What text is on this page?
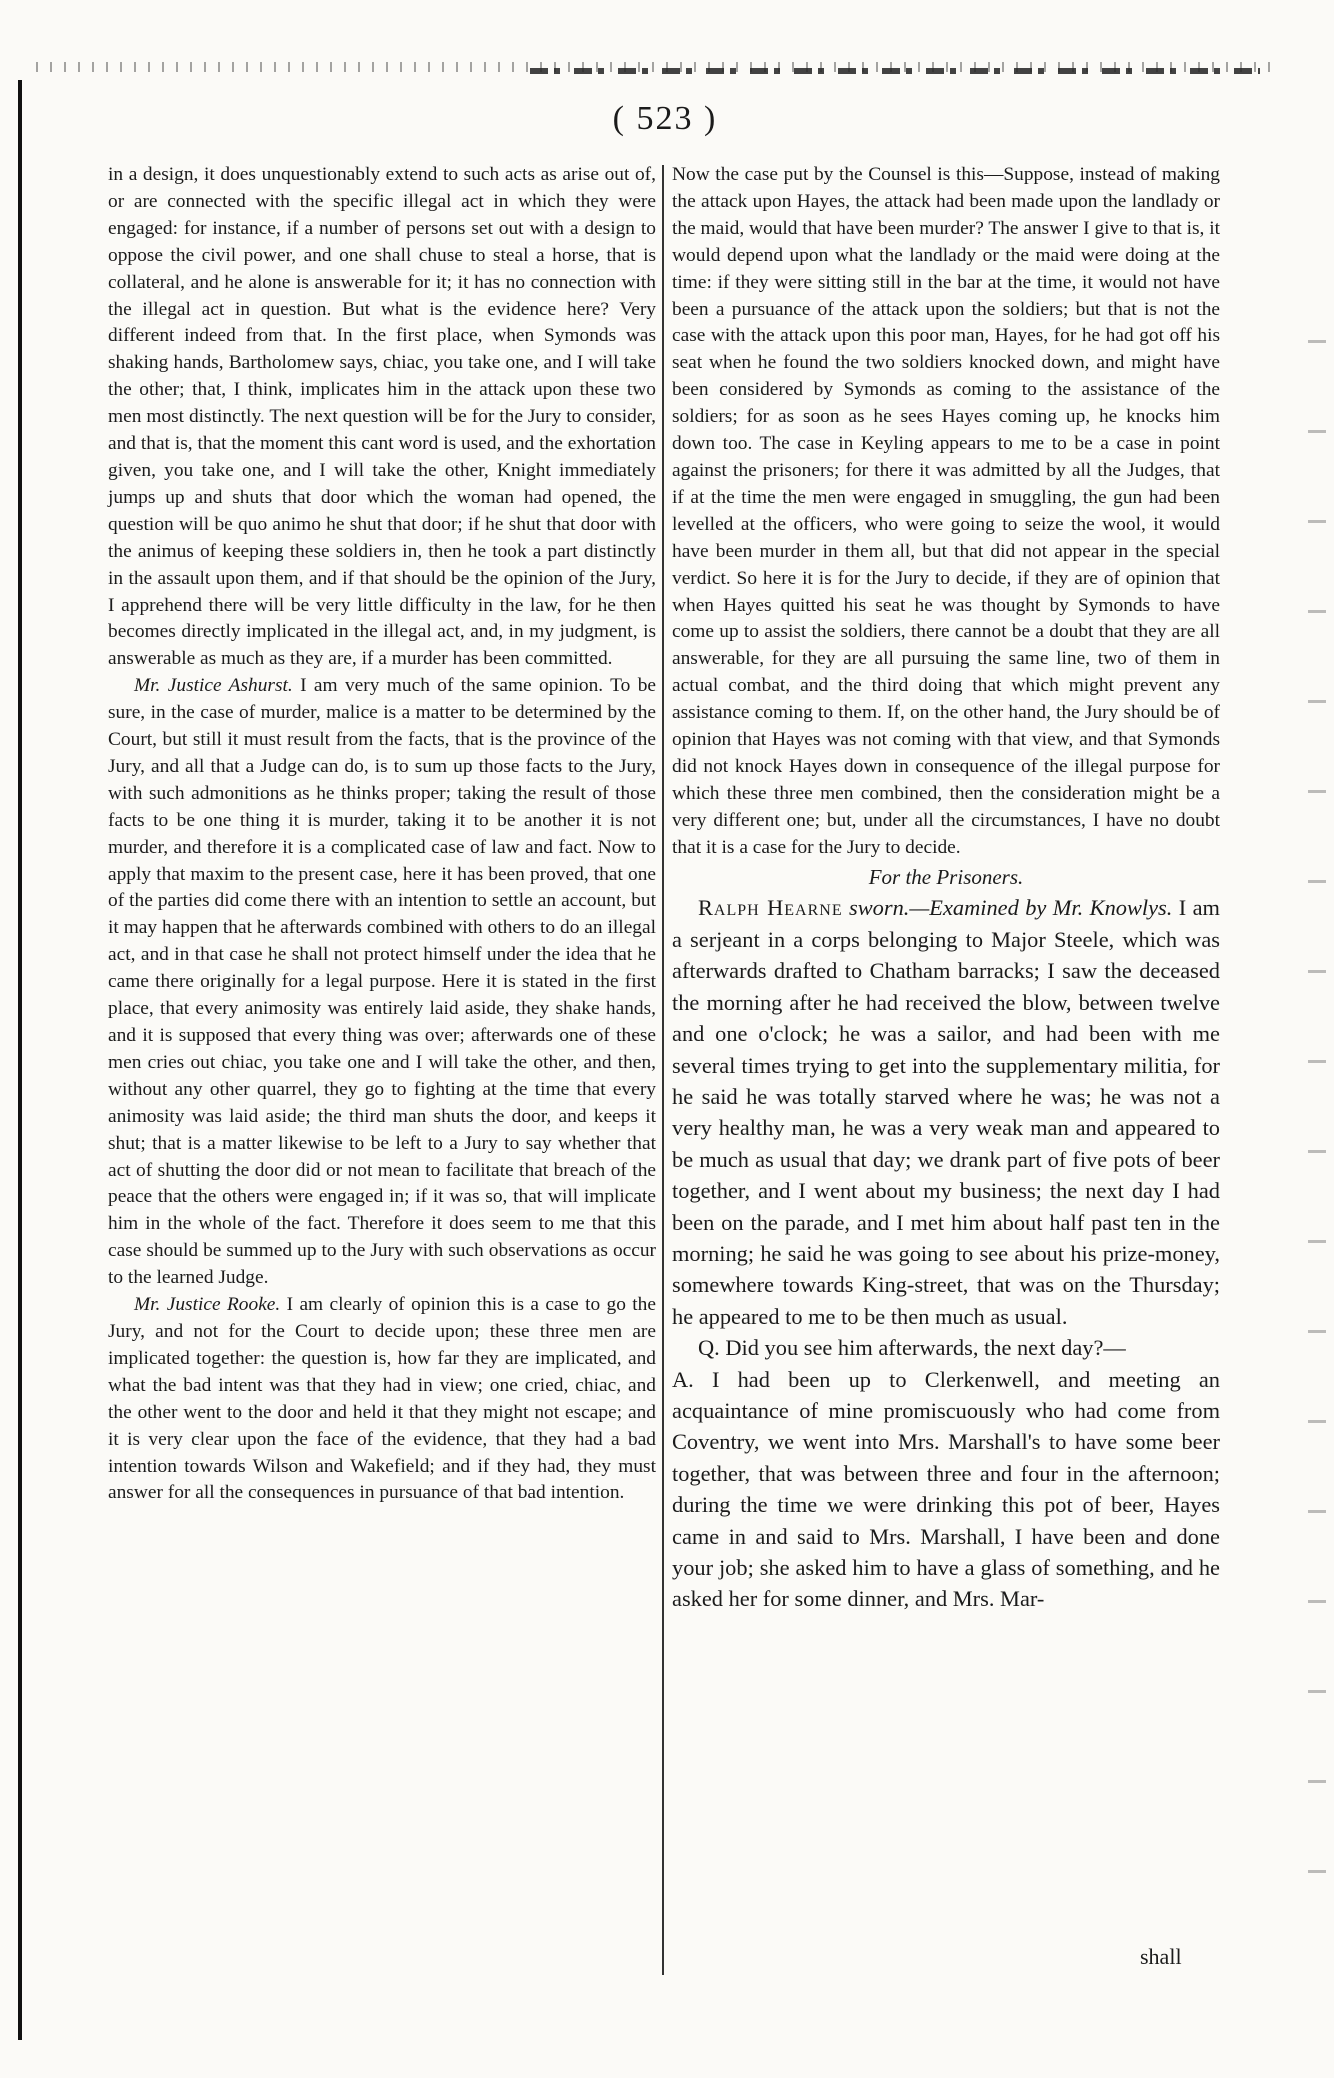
( 523 )

in a design, it does unquestionably extend to such acts as arise out of, or are connected with the specific illegal act in which they were engaged: for instance, if a number of persons set out with a design to oppose the civil power, and one shall chuse to steal a horse, that is collateral, and he alone is answerable for it; it has no connection with the illegal act in question. But what is the evidence here? Very different indeed from that. In the first place, when Symonds was shaking hands, Bartholomew says, chiac, you take one, and I will take the other; that, I think, implicates him in the attack upon these two men most distinctly. The next question will be for the Jury to consider, and that is, that the moment this cant word is used, and the exhortation given, you take one, and I will take the other, Knight immediately jumps up and shuts that door which the woman had opened, the question will be quo animo he shut that door; if he shut that door with the animus of keeping these soldiers in, then he took a part distinctly in the assault upon them, and if that should be the opinion of the Jury, I apprehend there will be very little difficulty in the law, for he then becomes directly implicated in the illegal act, and, in my judgment, is answerable as much as they are, if a murder has been committed.

Mr. Justice Ashurst. I am very much of the same opinion. To be sure, in the case of murder, malice is a matter to be determined by the Court, but still it must result from the facts, that is the province of the Jury, and all that a Judge can do, is to sum up those facts to the Jury, with such admonitions as he thinks proper; taking the result of those facts to be one thing it is murder, taking it to be another it is not murder, and therefore it is a complicated case of law and fact. Now to apply that maxim to the present case, here it has been proved, that one of the parties did come there with an intention to settle an account, but it may happen that he afterwards combined with others to do an illegal act, and in that case he shall not protect himself under the idea that he came there originally for a legal purpose. Here it is stated in the first place, that every animosity was entirely laid aside, they shake hands, and it is supposed that every thing was over; afterwards one of these men cries out chiac, you take one and I will take the other, and then, without any other quarrel, they go to fighting at the time that every animosity was laid aside; the third man shuts the door, and keeps it shut; that is a matter likewise to be left to a Jury to say whether that act of shutting the door did or not mean to facilitate that breach of the peace that the others were engaged in; if it was so, that will implicate him in the whole of the fact. Therefore it does seem to me that this case should be summed up to the Jury with such observations as occur to the learned Judge.

Mr. Justice Rooke. I am clearly of opinion this is a case to go the Jury, and not for the Court to decide upon; these three men are implicated together: the question is, how far they are implicated, and what the bad intent was that they had in view; one cried, chiac, and the other went to the door and held it that they might not escape; and it is very clear upon the face of the evidence, that they had a bad intention towards Wilson and Wakefield; and if they had, they must answer for all the consequences in pursuance of that bad intention.

Now the case put by the Counsel is this—Suppose, instead of making the attack upon Hayes, the attack had been made upon the landlady or the maid, would that have been murder? The answer I give to that is, it would depend upon what the landlady or the maid were doing at the time: if they were sitting still in the bar at the time, it would not have been a pursuance of the attack upon the soldiers; but that is not the case with the attack upon this poor man, Hayes, for he had got off his seat when he found the two soldiers knocked down, and might have been considered by Symonds as coming to the assistance of the soldiers; for as soon as he sees Hayes coming up, he knocks him down too. The case in Keyling appears to me to be a case in point against the prisoners; for there it was admitted by all the Judges, that if at the time the men were engaged in smuggling, the gun had been levelled at the officers, who were going to seize the wool, it would have been murder in them all, but that did not appear in the special verdict. So here it is for the Jury to decide, if they are of opinion that when Hayes quitted his seat he was thought by Symonds to have come up to assist the soldiers, there cannot be a doubt that they are all answerable, for they are all pursuing the same line, two of them in actual combat, and the third doing that which might prevent any assistance coming to them. If, on the other hand, the Jury should be of opinion that Hayes was not coming with that view, and that Symonds did not knock Hayes down in consequence of the illegal purpose for which these three men combined, then the consideration might be a very different one; but, under all the circumstances, I have no doubt that it is a case for the Jury to decide.

For the Prisoners.

Ralph Hearne sworn.—Examined by Mr. Knowlys. I am a serjeant in a corps belonging to Major Steele, which was afterwards drafted to Chatham barracks; I saw the deceased the morning after he had received the blow, between twelve and one o'clock; he was a sailor, and had been with me several times trying to get into the supplementary militia, for he said he was totally starved where he was; he was not a very healthy man, he was a very weak man and appeared to be much as usual that day; we drank part of five pots of beer together, and I went about my business; the next day I had been on the parade, and I met him about half past ten in the morning; he said he was going to see about his prize-money, somewhere towards King-street, that was on the Thursday; he appeared to me to be then much as usual.

Q. Did you see him afterwards, the next day?—

A. I had been up to Clerkenwell, and meeting an acquaintance of mine promiscuously who had come from Coventry, we went into Mrs. Marshall's to have some beer together, that was between three and four in the afternoon; during the time we were drinking this pot of beer, Hayes came in and said to Mrs. Marshall, I have been and done your job; she asked him to have a glass of something, and he asked her for some dinner, and Mrs. Mar-

shall
